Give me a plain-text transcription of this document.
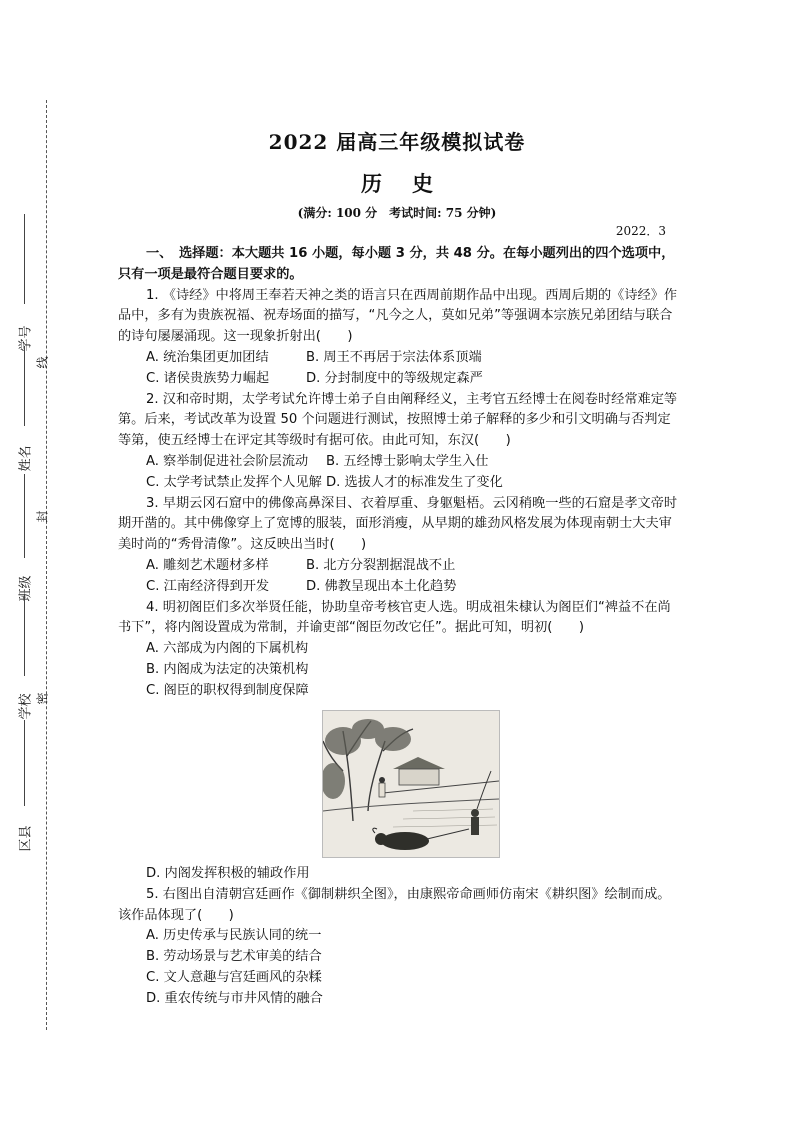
学号
姓名
班级
学校
区县
线
封
密
2022 届高三年级模拟试卷
历史
(满分: 100 分　考试时间: 75 分钟)
2022．3

一、　选择题：本大题共 16 小题，每小题 3 分，共 48 分。在每小题列出的四个选项中，只有一项是最符合题目要求的。

1. 《诗经》中将周王奉若天神之类的语言只在西周前期作品中出现。西周后期的《诗经》作品中，多有为贵族祝福、祝寿场面的描写，“凡今之人，莫如兄弟”等强调本宗族兄弟团结与联合的诗句屡屡涌现。这一现象折射出(　　)

A. 统治集团更加团结	B. 周王不再居于宗法体系顶端
C. 诸侯贵族势力崛起	D. 分封制度中的等级规定森严

2. 汉和帝时期，太学考试允许博士弟子自由阐释经义，主考官五经博士在阅卷时经常难定等第。后来，考试改革为设置 50 个问题进行测试，按照博士弟子解释的多少和引文明确与否判定等第，使五经博士在评定其等级时有据可依。由此可知，东汉(　　)

A. 察举制促进社会阶层流动	B. 五经博士影响太学生入仕
C. 太学考试禁止发挥个人见解 D. 选拔人才的标准发生了变化

3. 早期云冈石窟中的佛像高鼻深目、衣着厚重、身躯魁梧。云冈稍晚一些的石窟是孝文帝时期开凿的。其中佛像穿上了宽博的服装，面形消瘦，从早期的雄劲风格发展为体现南朝士大夫审美时尚的“秀骨清像”。这反映出当时(　　)

A. 雕刻艺术题材多样	B. 北方分裂割据混战不止
C. 江南经济得到开发	D. 佛教呈现出本土化趋势

4. 明初阁臣们多次举贤任能，协助皇帝考核官吏人选。明成祖朱棣认为阁臣们“裨益不在尚书下”，将内阁设置成为常制，并谕吏部“阁臣勿改它任”。据此可知，明初(　　)

A. 六部成为内阁的下属机构

B. 内阁成为法定的决策机构

C. 阁臣的职权得到制度保障

D. 内阁发挥积极的辅政作用

5. 右图出自清朝宫廷画作《御制耕织全图》，由康熙帝命画师仿南宋《耕织图》绘制而成。该作品体现了(　　)

A. 历史传承与民族认同的统一

B. 劳动场景与艺术审美的结合

C. 文人意趣与宫廷画风的杂糅

D. 重农传统与市井风情的融合
